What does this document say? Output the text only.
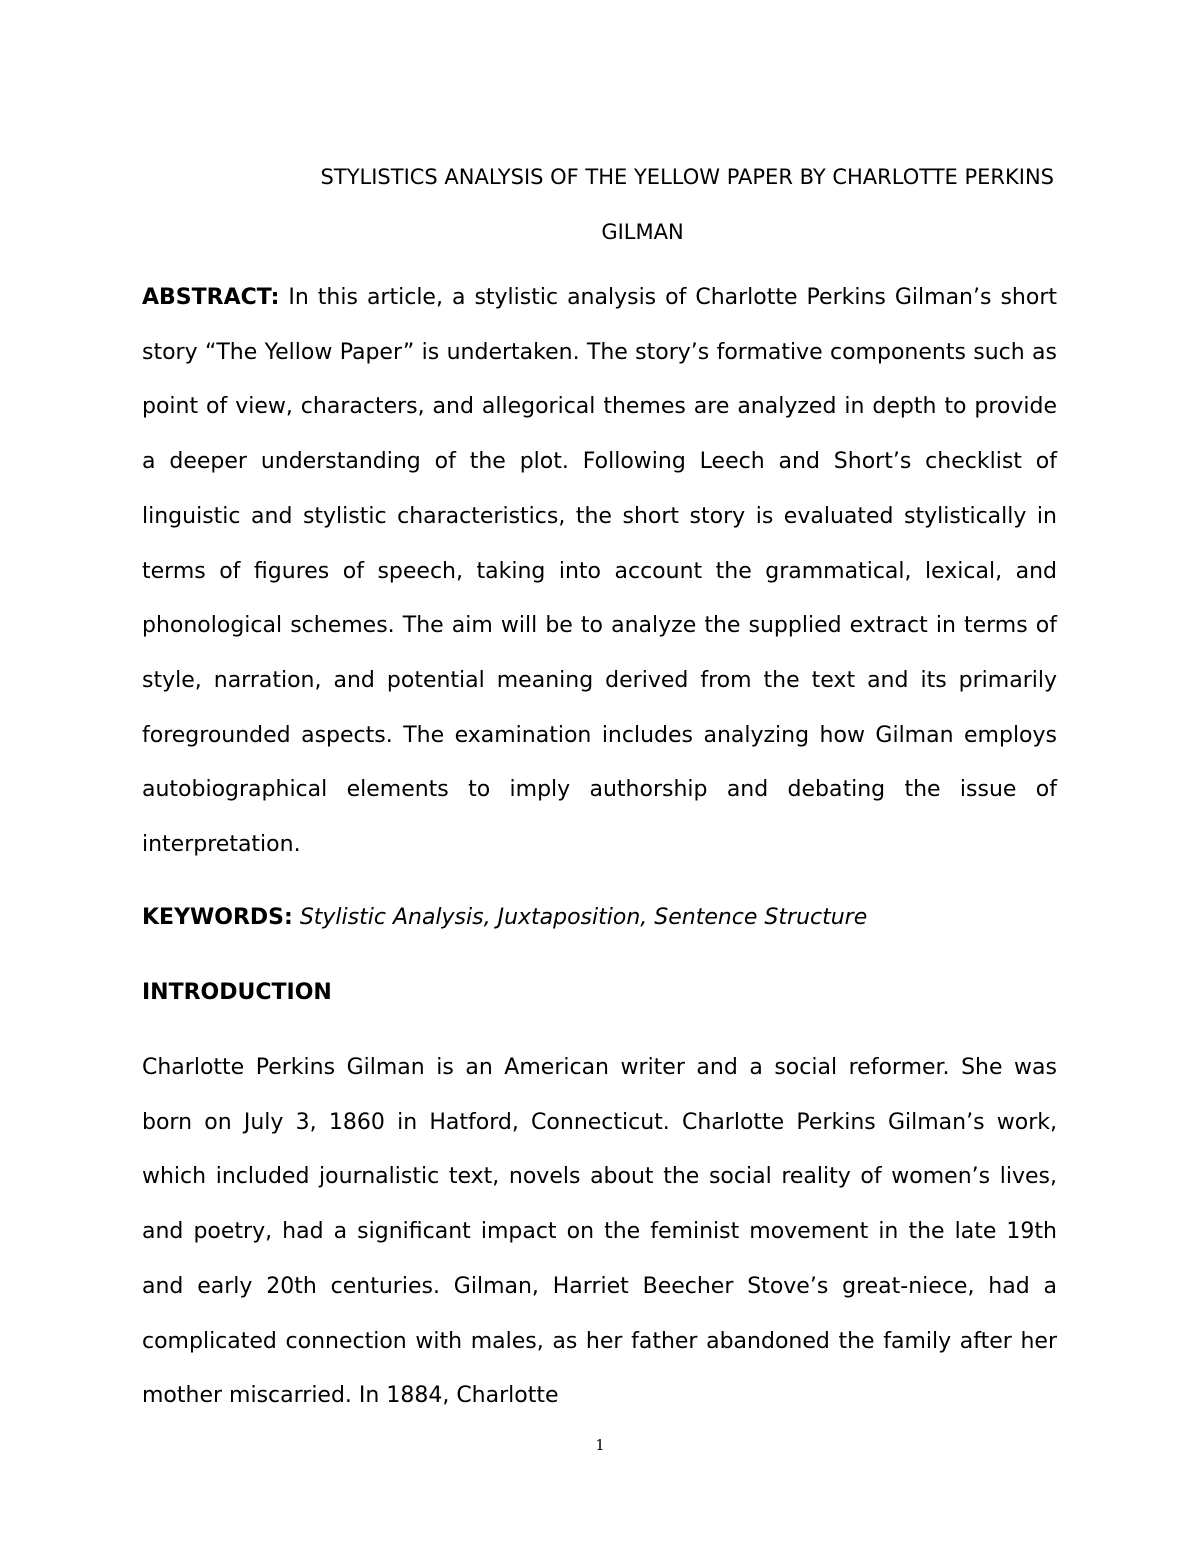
STYLISTICS ANALYSIS OF THE YELLOW PAPER BY CHARLOTTE PERKINS
GILMAN

ABSTRACT: In this article, a stylistic analysis of Charlotte Perkins Gilman’s short story “The Yellow Paper” is undertaken. The story’s formative components such as point of view, characters, and allegorical themes are analyzed in depth to provide a deeper understanding of the plot. Following Leech and Short’s checklist of linguistic and stylistic characteristics, the short story is evaluated stylistically in terms of figures of speech, taking into account the grammatical, lexical, and phonological schemes. The aim will be to analyze the supplied extract in terms of style, narration, and potential meaning derived from the text and its primarily foregrounded aspects. The examination includes analyzing how Gilman employs autobiographical elements to imply authorship and debating the issue of interpretation.

KEYWORDS: Stylistic Analysis, Juxtaposition, Sentence Structure

INTRODUCTION

Charlotte Perkins Gilman is an American writer and a social reformer. She was born on July 3, 1860 in Hatford, Connecticut. Charlotte Perkins Gilman’s work, which included journalistic text, novels about the social reality of women’s lives, and poetry, had a significant impact on the feminist movement in the late 19th and early 20th centuries. Gilman, Harriet Beecher Stove’s great-niece, had a complicated connection with males, as her father abandoned the family after her mother miscarried. In 1884, Charlotte

1
